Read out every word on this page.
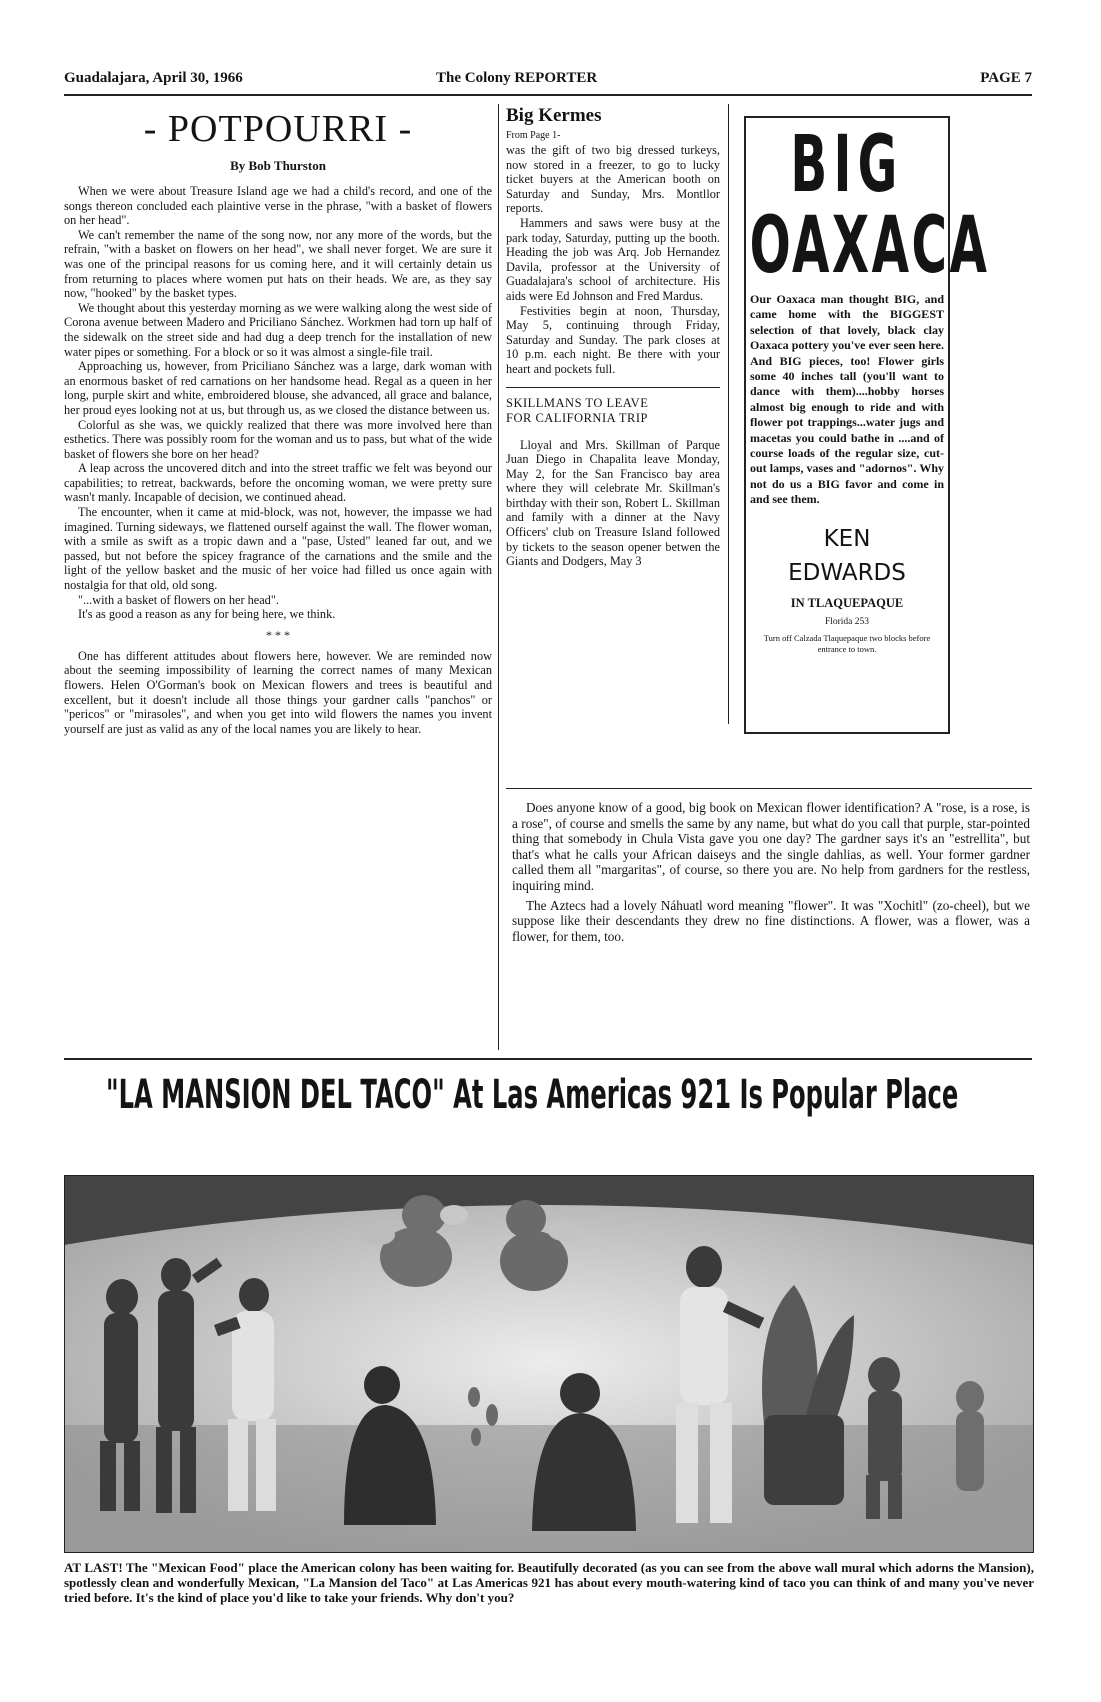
Guadalajara, April 30, 1966	The Colony REPORTER	PAGE 7
- POTPOURRI -
By Bob Thurston

When we were about Treasure Island age we had a child's record, and one of the songs thereon concluded each plaintive verse in the phrase, "with a basket of flowers on her head".

We can't remember the name of the song now, nor any more of the words, but the refrain, "with a basket on flowers on her head", we shall never forget. We are sure it was one of the principal reasons for us coming here, and it will certainly detain us from returning to places where women put hats on their heads. We are, as they say now, "hooked" by the basket types.

We thought about this yesterday morning as we were walking along the west side of Corona avenue between Madero and Priciliano Sánchez. Workmen had torn up half of the sidewalk on the street side and had dug a deep trench for the installation of new water pipes or something. For a block or so it was almost a single-file trail.

Approaching us, however, from Priciliano Sánchez was a large, dark woman with an enormous basket of red carnations on her handsome head. Regal as a queen in her long, purple skirt and white, embroidered blouse, she advanced, all grace and balance, her proud eyes looking not at us, but through us, as we closed the distance between us.

Colorful as she was, we quickly realized that there was more involved here than esthetics. There was possibly room for the woman and us to pass, but what of the wide basket of flowers she bore on her head?

A leap across the uncovered ditch and into the street traffic we felt was beyond our capabilities; to retreat, backwards, before the oncoming woman, we were pretty sure wasn't manly. Incapable of decision, we continued ahead.

The encounter, when it came at mid-block, was not, however, the impasse we had imagined. Turning sideways, we flattened ourself against the wall. The flower woman, with a smile as swift as a tropic dawn and a "pase, Usted" leaned far out, and we passed, but not before the spicey fragrance of the carnations and the smile and the light of the yellow basket and the music of her voice had filled us once again with nostalgia for that old, old song.

"...with a basket of flowers on her head".

It's as good a reason as any for being here, we think.

* * *

One has different attitudes about flowers here, however. We are reminded now about the seeming impossibility of learning the correct names of many Mexican flowers. Helen O'Gorman's book on Mexican flowers and trees is beautiful and excellent, but it doesn't include all those things your gardner calls "panchos" or "pericos" or "mirasoles", and when you get into wild flowers the names you invent yourself are just as valid as any of the local names you are likely to hear.

Big Kermes
From Page 1-

was the gift of two big dressed turkeys, now stored in a freezer, to go to lucky ticket buyers at the American booth on Saturday and Sunday, Mrs. Montllor reports.

Hammers and saws were busy at the park today, Saturday, putting up the booth. Heading the job was Arq. Job Hernandez Davila, professor at the University of Guadalajara's school of architecture. His aids were Ed Johnson and Fred Mardus.

Festivities begin at noon, Thursday, May 5, continuing through Friday, Saturday and Sunday. The park closes at 10 p.m. each night. Be there with your heart and pockets full.

SKILLMANS TO LEAVE
FOR CALIFORNIA TRIP

Lloyal and Mrs. Skillman of Parque Juan Diego in Chapalita leave Monday, May 2, for the San Francisco bay area where they will celebrate Mr. Skillman's birthday with their son, Robert L. Skillman and family with a dinner at the Navy Officers' club on Treasure Island followed by tickets to the season opener betwen the Giants and Dodgers, May 3

BIG
OAXACA
Our Oaxaca man thought BIG, and came home with the BIGGEST selection of that lovely, black clay Oaxaca pottery you've ever seen here. And BIG pieces, too! Flower girls some 40 inches tall (you'll want to dance with them)....hobby horses almost big enough to ride and with flower pot trappings...water jugs and macetas you could bathe in ....and of course loads of the regular size, cut-out lamps, vases and "adornos". Why not do us a BIG favor and come in and see them.
KEN
EDWARDS
IN TLAQUEPAQUE
Florida 253
Turn off Calzada Tlaquepaque two blocks before entrance to town.

Does anyone know of a good, big book on Mexican flower identification? A "rose, is a rose, is a rose", of course and smells the same by any name, but what do you call that purple, star-pointed thing that somebody in Chula Vista gave you one day? The gardner says it's an "estrellita", but that's what he calls your African daiseys and the single dahlias, as well. Your former gardner called them all "margaritas", of course, so there you are. No help from gardners for the restless, inquiring mind.

The Aztecs had a lovely Náhuatl word meaning "flower". It was "Xochitl" (zo-cheel), but we suppose like their descendants they drew no fine distinctions. A flower, was a flower, was a flower, for them, too.

"LA MANSION DEL TACO" At Las Americas 921 Is Popular Place
AT LAST! The "Mexican Food" place the American colony has been waiting for. Beautifully decorated (as you can see from the above wall mural which adorns the Mansion), spotlessly clean and wonderfully Mexican, "La Mansion del Taco" at Las Americas 921 has about every mouth-watering kind of taco you can think of and many you've never tried before. It's the kind of place you'd like to take your friends. Why don't you?
